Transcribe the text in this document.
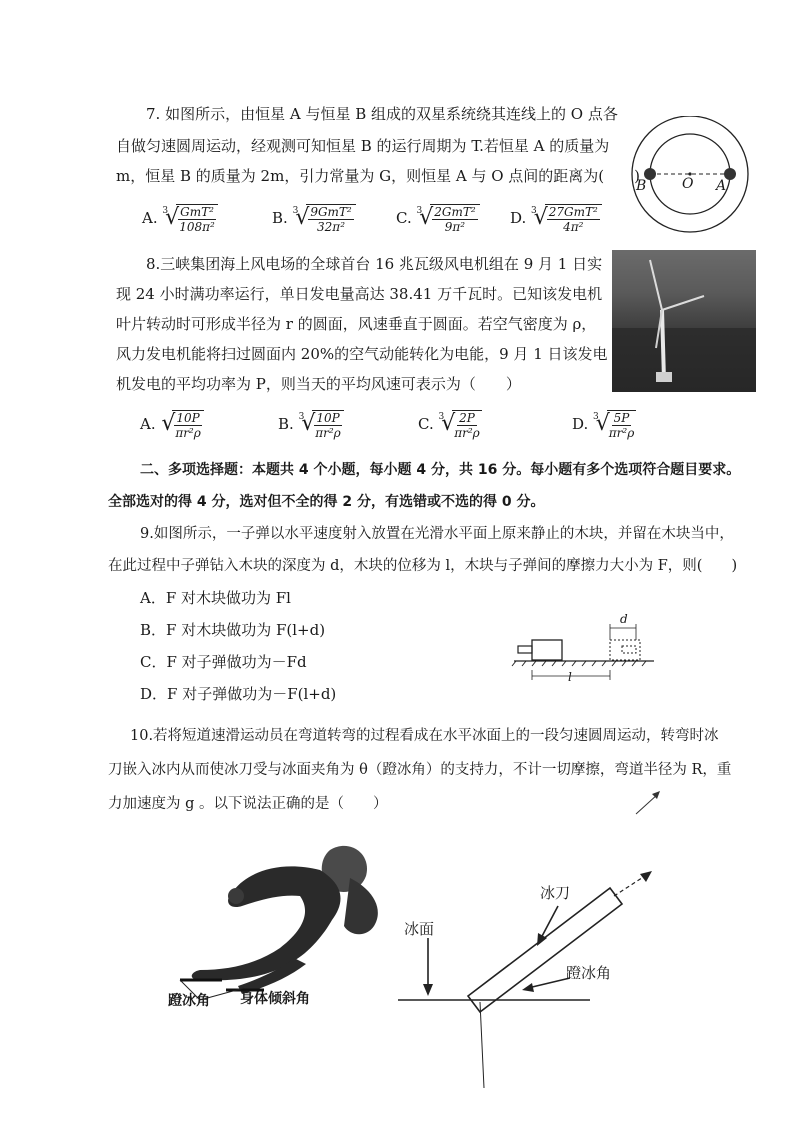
7. 如图所示，由恒星 A 与恒星 B 组成的双星系统绕其连线上的 O 点各
自做匀速圆周运动，经观测可知恒星 B 的运行周期为 T.若恒星 A 的质量为
m，恒星 B 的质量为 2m，引力常量为 G，则恒星 A 与 O 点间的距离为(　　)
A. $^3$ √ $\frac{\text{GmT²}}{\text{108π²}}$	B. $^3$ √ $\frac{\text{9GmT²}}{\text{32π²}}$	C. $^3$ √ $\frac{\text{2GmT²}}{\text{9π²}} D$. $^3$ √ $\frac{\text{27GmT²}}{\text{4π²}}$
B	O A
8.三峡集团海上风电场的全球首台 16 兆瓦级风电机组在 9 月 1 日实
现 24 小时满功率运行，单日发电量高达 38.41 万千瓦时。已知该发电机
叶片转动时可形成半径为 r 的圆面，风速垂直于圆面。若空气密度为 ρ，
风力发电机能将扫过圆面内 20%的空气动能转化为电能，9 月 1 日该发电
机发电的平均功率为 P，则当天的平均风速可表示为（　　）
A. √ $\frac{10P}{\text{πr²ρ}}$	B. $^3$ √ $\frac{10P}{\text{πr²ρ}}$	C. $^3$ √ $\frac{2P}{\text{πr²ρ}}$	D. $^3$ √ $\frac{5P}{\text{πr²ρ}}$
二、多项选择题：本题共 4 个小题，每小题 4 分，共 16 分。每小题有多个选项符合题目要求。
全部选对的得 4 分，选对但不全的得 2 分，有选错或不选的得 0 分。
9.如图所示，一子弹以水平速度射入放置在光滑水平面上原来静止的木块，并留在木块当中，
在此过程中子弹钻入木块的深度为 d，木块的位移为 l，木块与子弹间的摩擦力大小为 F，则(　　)
A．F 对木块做功为 Fl
B．F 对木块做功为 F(l+d)
C．F 对子弹做功为－Fd
D．F 对子弹做功为－F(l+d)
d
l
10.若将短道速滑运动员在弯道转弯的过程看成在水平冰面上的一段匀速圆周运动，转弯时冰
刀嵌入冰内从而使冰刀受与冰面夹角为 θ（蹬冰角）的支持力，不计一切摩擦，弯道半径为 R，重
力加速度为 g 。以下说法正确的是（　　）
蹬冰角 身体倾斜角
冰面
冰刀
蹬冰角
